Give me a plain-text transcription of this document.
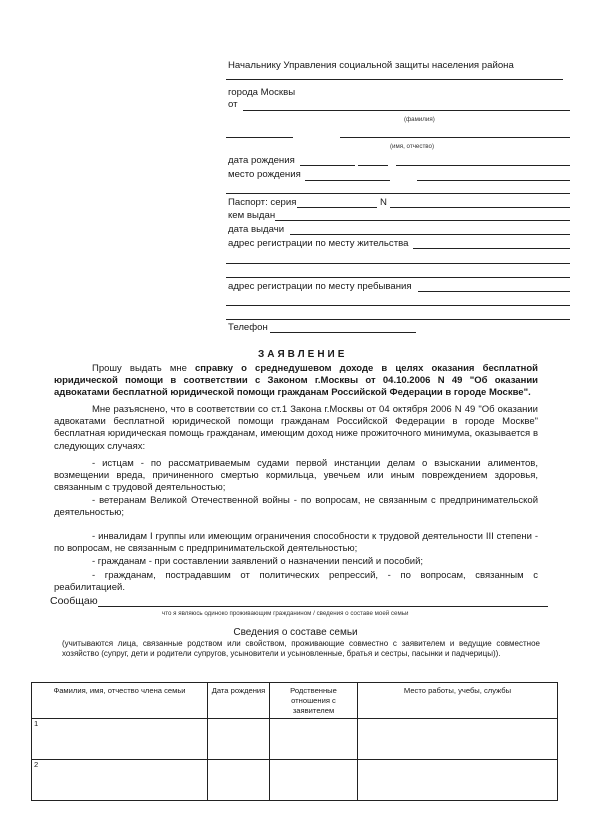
Начальнику Управления социальной защиты населения района
города Москвы
от
(фамилия)
(имя, отчество)
дата рождения
место рождения
Паспорт: серия	N
кем выдан
дата выдачи
адрес регистрации по месту жительства
адрес регистрации по месту пребывания
Телефон
ЗАЯВЛЕНИЕ
Прошу выдать мне справку о среднедушевом доходе в целях оказания бесплатной юридической помощи в соответствии с Законом г.Москвы от 04.10.2006 N 49 "Об оказании адвокатами бесплатной юридической помощи гражданам Российской Федерации в городе Москве".
Мне разъяснено, что в соответствии со ст.1 Закона г.Москвы от 04 октября 2006 N 49 "Об оказании адвокатами бесплатной юридической помощи гражданам Российской Федерации в городе Москве" бесплатная юридическая помощь гражданам, имеющим доход ниже прожиточного минимума, оказывается в следующих случаях:
- истцам - по рассматриваемым судами первой инстанции делам о взыскании алиментов, возмещении вреда, причиненного смертью кормильца, увечьем или иным повреждением здоровья, связанным с трудовой деятельностью;
- ветеранам Великой Отечественной войны - по вопросам, не связанным с предпринимательской деятельностью;
- инвалидам I группы или имеющим ограничения способности к трудовой деятельности III степени - по вопросам, не связанным с предпринимательской деятельностью;
- гражданам - при составлении заявлений о назначении пенсий и пособий;
- гражданам, пострадавшим от политических репрессий, - по вопросам, связанным с реабилитацией.
Сообщаю
что я являюсь одиноко проживающим гражданином / сведения о составе моей семьи
Сведения о составе семьи
(учитываются лица, связанные родством или свойством, проживающие совместно с заявителем и ведущие совместное хозяйство (супруг, дети и родители супругов, усыновители и усыновленные, братья и сестры, пасынки и падчерицы)).
Фамилия, имя, отчество члена семьи	Дата рождения	Родственные отношения с заявителем	Место работы, учебы, службы
1			
2			
